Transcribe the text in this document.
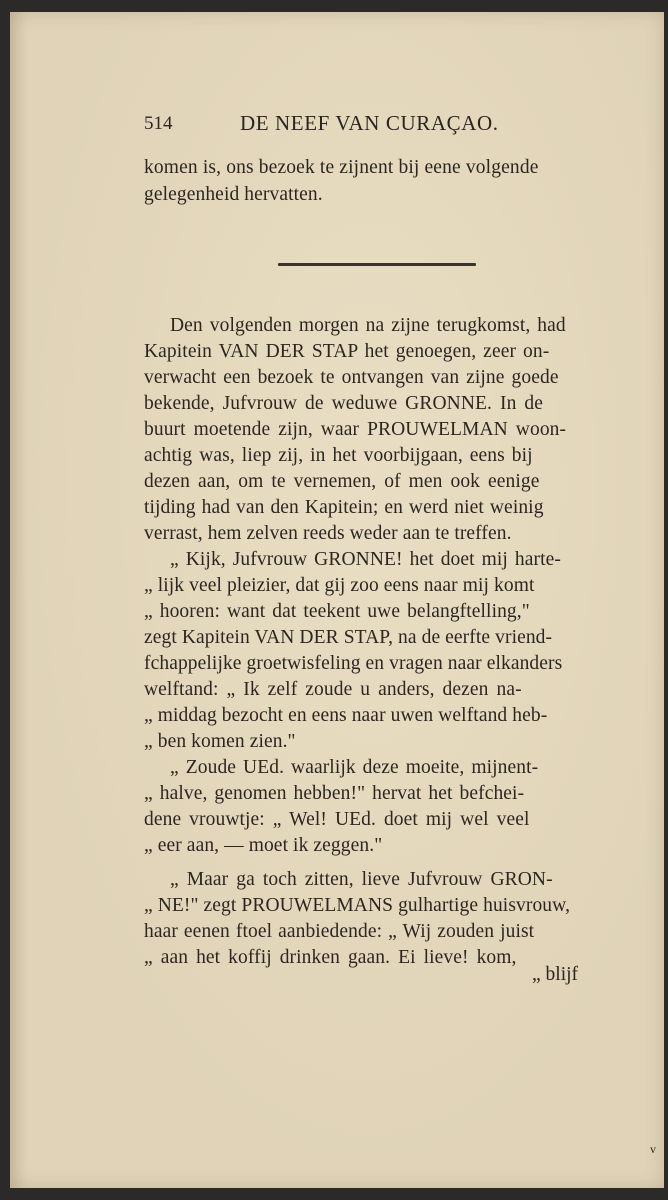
514	DE NEEF VAN CURAÇAO.
komen is, ons bezoek te zijnent bij eene volgende
gelegenheid hervatten.
Den volgenden morgen na zijne terugkomst, had
Kapitein VAN DER STAP het genoegen, zeer on-
verwacht een bezoek te ontvangen van zijne goede
bekende, Jufvrouw de weduwe GRONNE. In de
buurt moetende zijn, waar PROUWELMAN woon-
achtig was, liep zij, in het voorbijgaan, eens bij
dezen aan, om te vernemen, of men ook eenige
tijding had van den Kapitein; en werd niet weinig
verrast, hem zelven reeds weder aan te treffen.
„ Kijk, Jufvrouw GRONNE! het doet mij harte-
„ lijk veel pleizier, dat gij zoo eens naar mij komt
„ hooren: want dat teekent uwe belangftelling,"
zegt Kapitein VAN DER STAP, na de eerfte vriend-
fchappelijke groetwisfeling en vragen naar elkanders
welftand: „ Ik zelf zoude u anders, dezen na-
„ middag bezocht en eens naar uwen welftand heb-
„ ben komen zien."
„ Zoude UEd. waarlijk deze moeite, mijnent-
„ halve, genomen hebben!" hervat het befchei-
dene vrouwtje: „ Wel! UEd. doet mij wel veel
„ eer aan, — moet ik zeggen."
„ Maar ga toch zitten, lieve Jufvrouw GRON-
„ NE!" zegt PROUWELMANS gulhartige huisvrouw,
haar eenen ftoel aanbiedende: „ Wij zouden juist
„ aan het koffij drinken gaan. Ei lieve! kom,
„ blijf
v
